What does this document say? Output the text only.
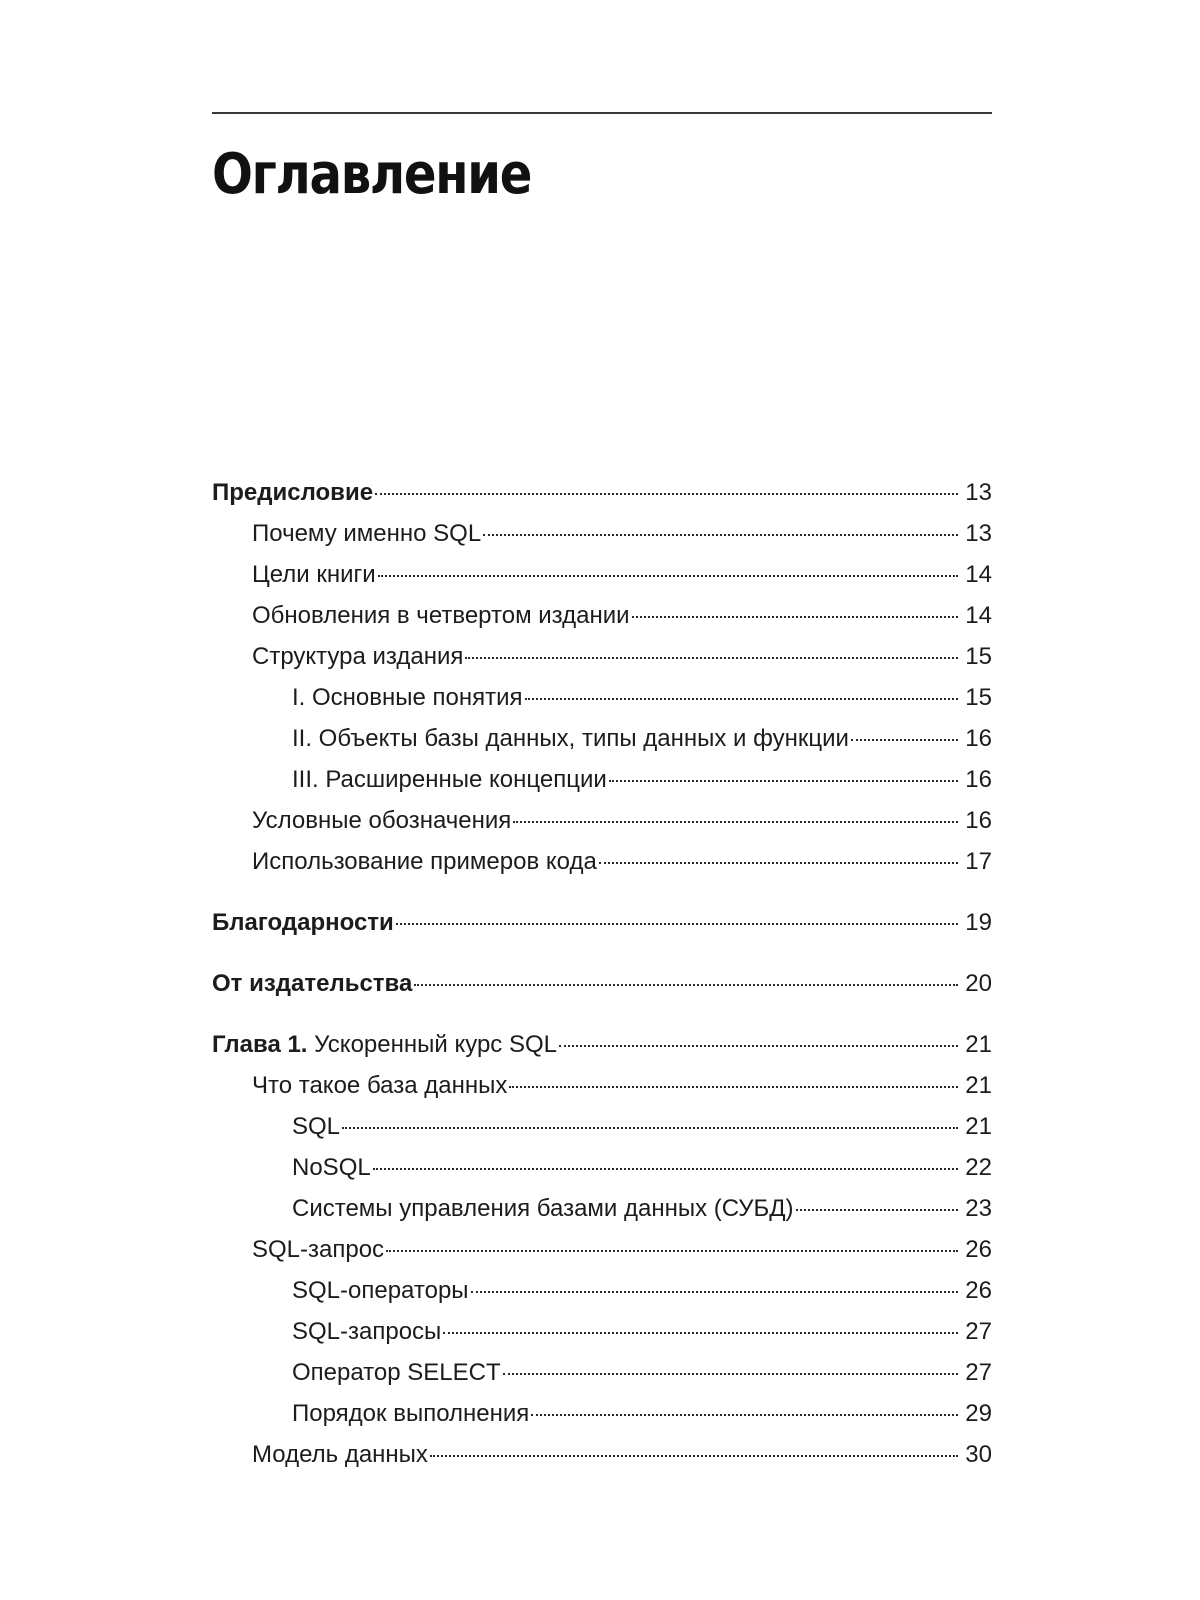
Оглавление
Предисловие	13
Почему именно SQL	13
Цели книги	14
Обновления в четвертом издании	14
Структура издания	15
I. Основные понятия	15
II. Объекты базы данных, типы данных и функции	16
III. Расширенные концепции	16
Условные обозначения	16
Использование примеров кода	17
Благодарности	19
От издательства	20
Глава 1. Ускоренный курс SQL	21
Что такое база данных	21
SQL	21
NoSQL	22
Системы управления базами данных (СУБД)	23
SQL-запрос	26
SQL-операторы	26
SQL-запросы	27
Оператор SELECT	27
Порядок выполнения	29
Модель данных	30
